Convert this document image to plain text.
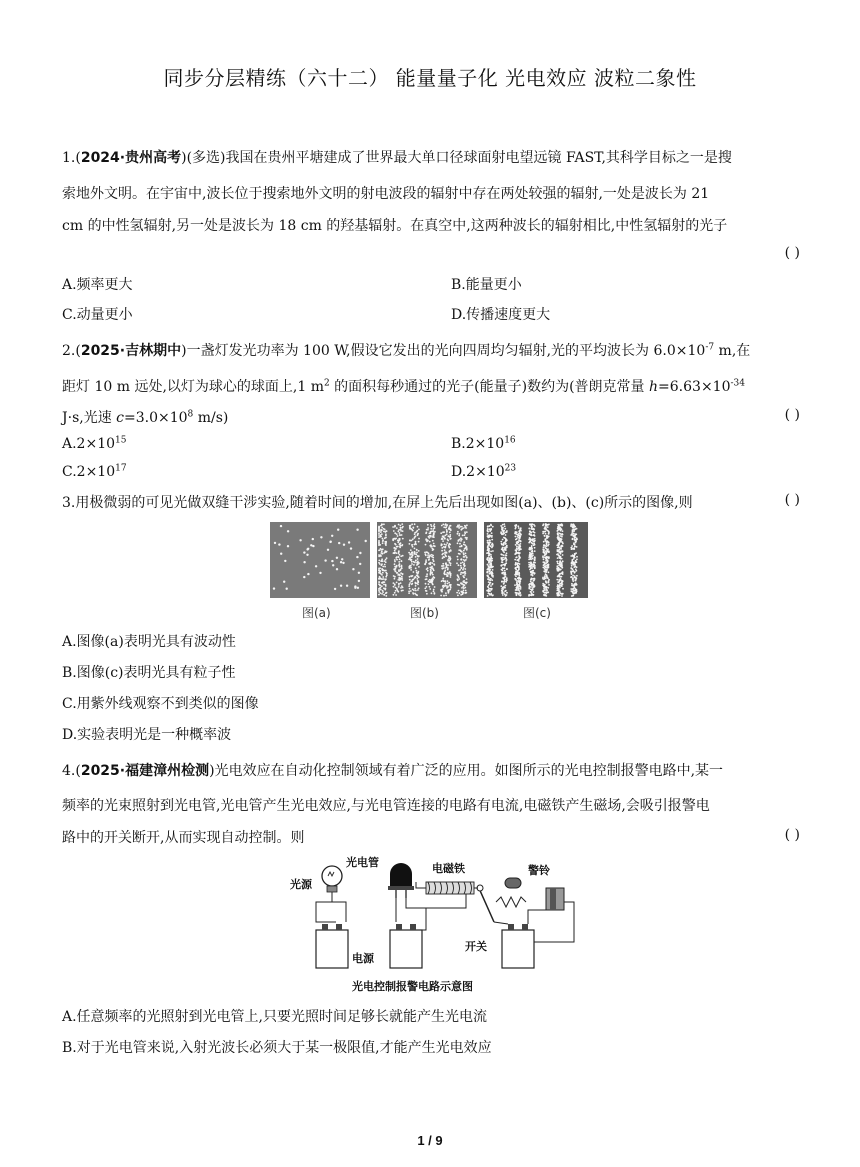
同步分层精练（六十二） 能量量子化 光电效应 波粒二象性
1.(2024·贵州高考)(多选)我国在贵州平塘建成了世界最大单口径球面射电望远镜 FAST,其科学目标之一是搜
索地外文明。在宇宙中,波长位于搜索地外文明的射电波段的辐射中存在两处较强的辐射,一处是波长为 21
cm 的中性氢辐射,另一处是波长为 18 cm 的羟基辐射。在真空中,这两种波长的辐射相比,中性氢辐射的光子
( )
A.频率更大	B.能量更小
C.动量更小	D.传播速度更大
2.(2025·吉林期中)一盏灯发光功率为 100 W,假设它发出的光向四周均匀辐射,光的平均波长为 $6.0\times 10^{-7}$ m,在
距灯 10 m 远处,以灯为球心的球面上,1 $m^2$ 的面积每秒通过的光子(能量子)数约为(普朗克常量 $h=6.63\times 10^{-34}$
J·s,光速 $c=3.0\times 10^8$ m/s)	( )
$A.2\times 10^{15}$	$B.2\times 10^{16}$
$C.2\times 10^{17}$	$D.2\times 10^{23}$
3.用极微弱的可见光做双缝干涉实验,随着时间的增加,在屏上先后出现如图(a)、(b)、(c)所示的图像,则	( )
图(a)	图(b)	图(c)
A.图像(a)表明光具有波动性
B.图像(c)表明光具有粒子性
C.用紫外线观察不到类似的图像
D.实验表明光是一种概率波
4.(2025·福建漳州检测)光电效应在自动化控制领域有着广泛的应用。如图所示的光电控制报警电路中,某一
频率的光束照射到光电管,光电管产生光电效应,与光电管连接的电路有电流,电磁铁产生磁场,会吸引报警电
路中的开关断开,从而实现自动控制。则	( )
光源
光电管	电磁铁
开关
警铃
电源
光电控制报警电路示意图
A.任意频率的光照射到光电管上,只要光照时间足够长就能产生光电流
B.对于光电管来说,入射光波长必须大于某一极限值,才能产生光电效应
1 / 9
